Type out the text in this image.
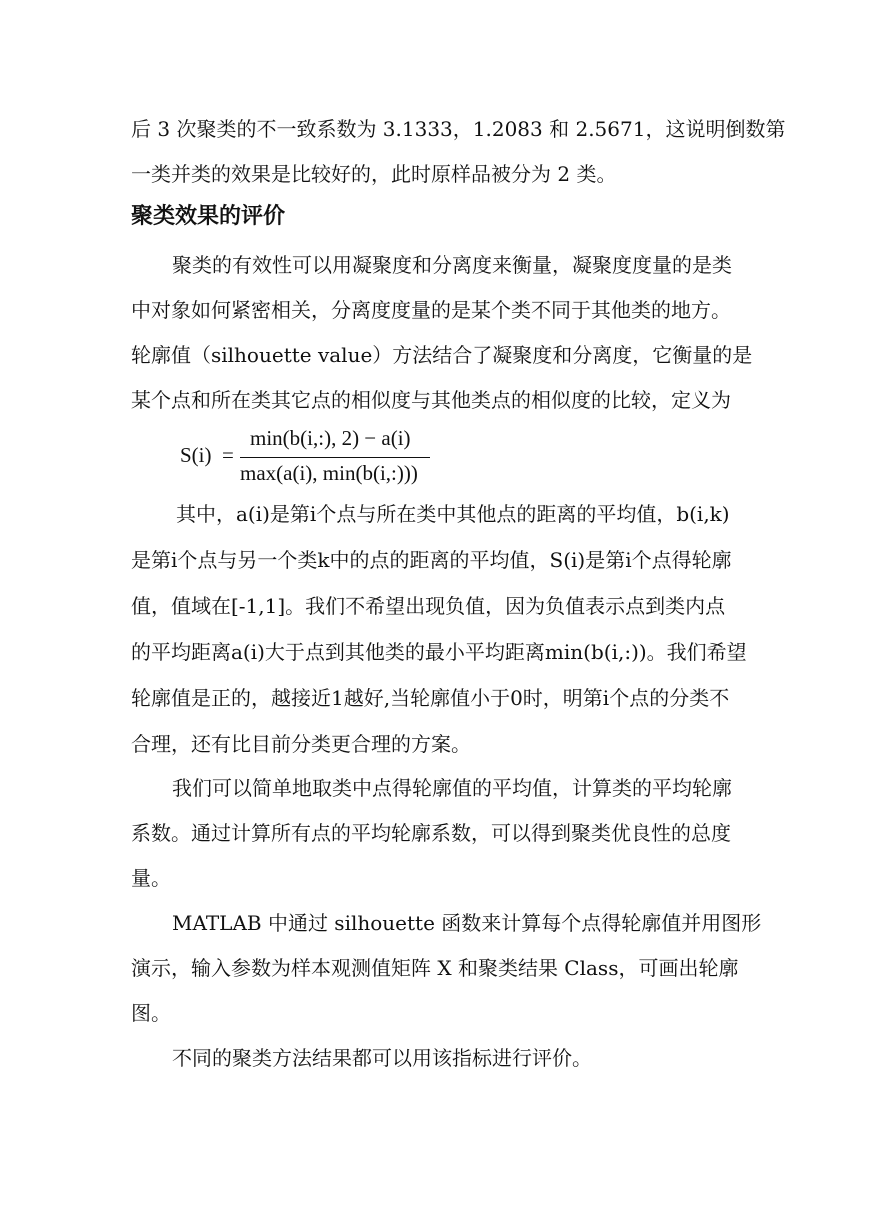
后 3 次聚类的不一致系数为 3.1333，1.2083 和 2.5671，这说明倒数第
一类并类的效果是比较好的，此时原样品被分为 2 类。
聚类效果的评价
聚类的有效性可以用凝聚度和分离度来衡量，凝聚度度量的是类
中对象如何紧密相关，分离度度量的是某个类不同于其他类的地方。
轮廓值（silhouette value）方法结合了凝聚度和分离度，它衡量的是
某个点和所在类其它点的相似度与其他类点的相似度的比较，定义为
S(i) =
min(b(i,:), 2) − a(i)
max(a(i), min(b(i,:)))
其中，a(i)是第i个点与所在类中其他点的距离的平均值，b(i,k)
是第i个点与另一个类k中的点的距离的平均值，S(i)是第i个点得轮廓
值，值域在[-1,1]。我们不希望出现负值，因为负值表示点到类内点
的平均距离a(i)大于点到其他类的最小平均距离min(b(i,:))。我们希望
轮廓值是正的，越接近1越好,当轮廓值小于0时，明第i个点的分类不
合理，还有比目前分类更合理的方案。
我们可以简单地取类中点得轮廓值的平均值，计算类的平均轮廓
系数。通过计算所有点的平均轮廓系数，可以得到聚类优良性的总度
量。
MATLAB 中通过 silhouette 函数来计算每个点得轮廓值并用图形
演示，输入参数为样本观测值矩阵 X 和聚类结果 Class，可画出轮廓
图。
不同的聚类方法结果都可以用该指标进行评价。
